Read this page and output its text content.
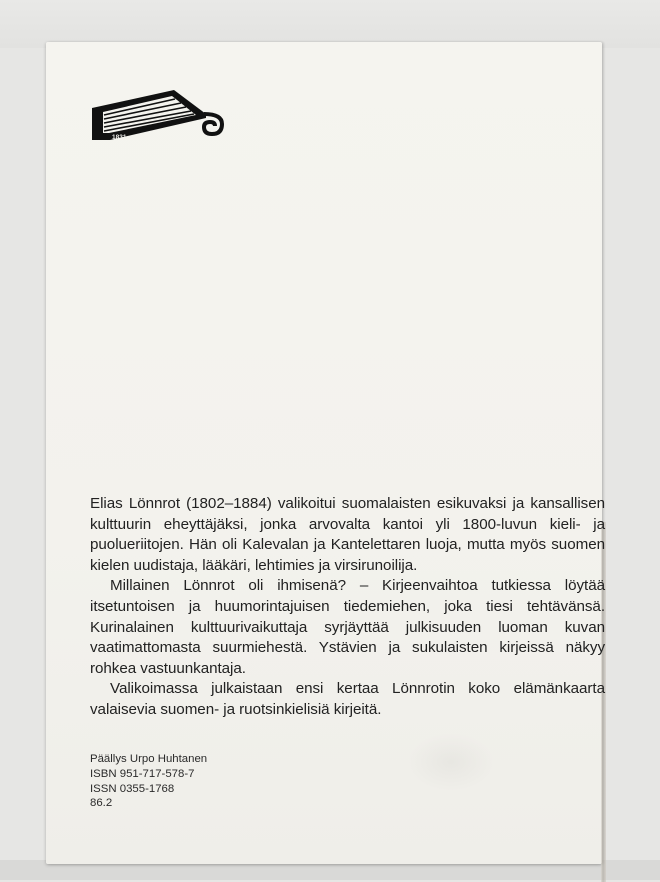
1831

Elias Lönnrot (1802–1884) valikoitui suomalaisten esikuvaksi ja kansallisen kulttuurin eheyttäjäksi, jonka arvovalta kantoi yli 1800-luvun kieli- ja puolueriitojen. Hän oli Kalevalan ja Kantelettaren luoja, mutta myös suomen kielen uudistaja, lääkäri, lehtimies ja virsirunoilija.

Millainen Lönnrot oli ihmisenä? – Kirjeenvaihtoa tutkiessa löytää itsetuntoisen ja huumorintajuisen tiedemiehen, joka tiesi tehtävänsä. Kurinalainen kulttuurivaikuttaja syrjäyttää julkisuuden luoman kuvan vaatimattomasta suurmiehestä. Ystävien ja sukulaisten kirjeissä näkyy rohkea vastuunkantaja.

Valikoimassa julkaistaan ensi kertaa Lönnrotin koko elämänkaarta valaisevia suomen- ja ruotsinkielisiä kirjeitä.

Päällys Urpo Huhtanen
ISBN 951-717-578-7
ISSN 0355-1768
86.2
